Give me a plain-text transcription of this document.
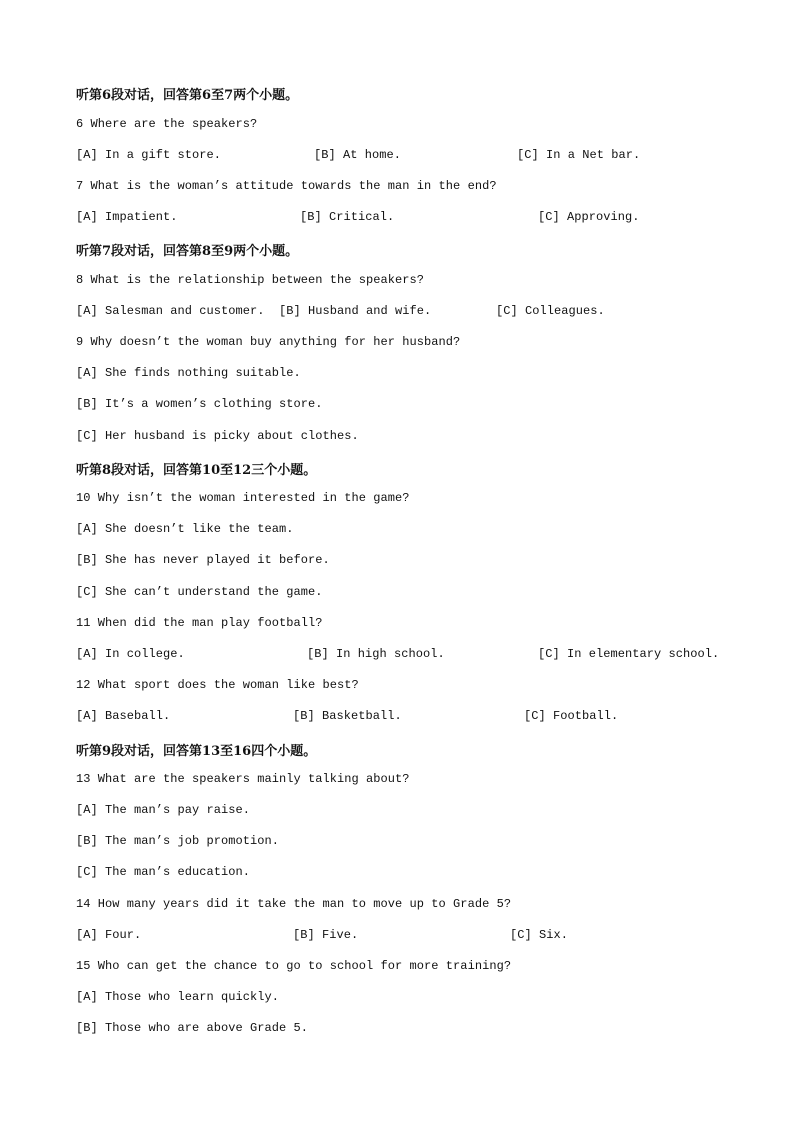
听第6段对话，回答第6至7两个小题。
6 Where are the speakers?
[A] In a gift store.	[B] At home.	[C] In a Net bar.
7 What is the woman’s attitude towards the man in the end?
[A] Impatient.	[B] Critical.	[C] Approving.
听第7段对话，回答第8至9两个小题。
8 What is the relationship between the speakers?
[A] Salesman and customer. [B] Husband and wife.	[C] Colleagues.
9 Why doesn’t the woman buy anything for her husband?
[A] She finds nothing suitable.
[B] It’s a women’s clothing store.
[C] Her husband is picky about clothes.
听第8段对话，回答第10至12三个小题。
10 Why isn’t the woman interested in the game?
[A] She doesn’t like the team.
[B] She has never played it before.
[C] She can’t understand the game.
11 When did the man play football?
[A] In college.	[B] In high school.	[C] In elementary school.
12 What sport does the woman like best?
[A] Baseball.	[B] Basketball.	[C] Football.
听第9段对话，回答第13至16四个小题。
13 What are the speakers mainly talking about?
[A] The man’s pay raise.
[B] The man’s job promotion.
[C] The man’s education.
14 How many years did it take the man to move up to Grade 5?
[A] Four.	[B] Five.	[C] Six.
15 Who can get the chance to go to school for more training?
[A] Those who learn quickly.
[B] Those who are above Grade 5.
